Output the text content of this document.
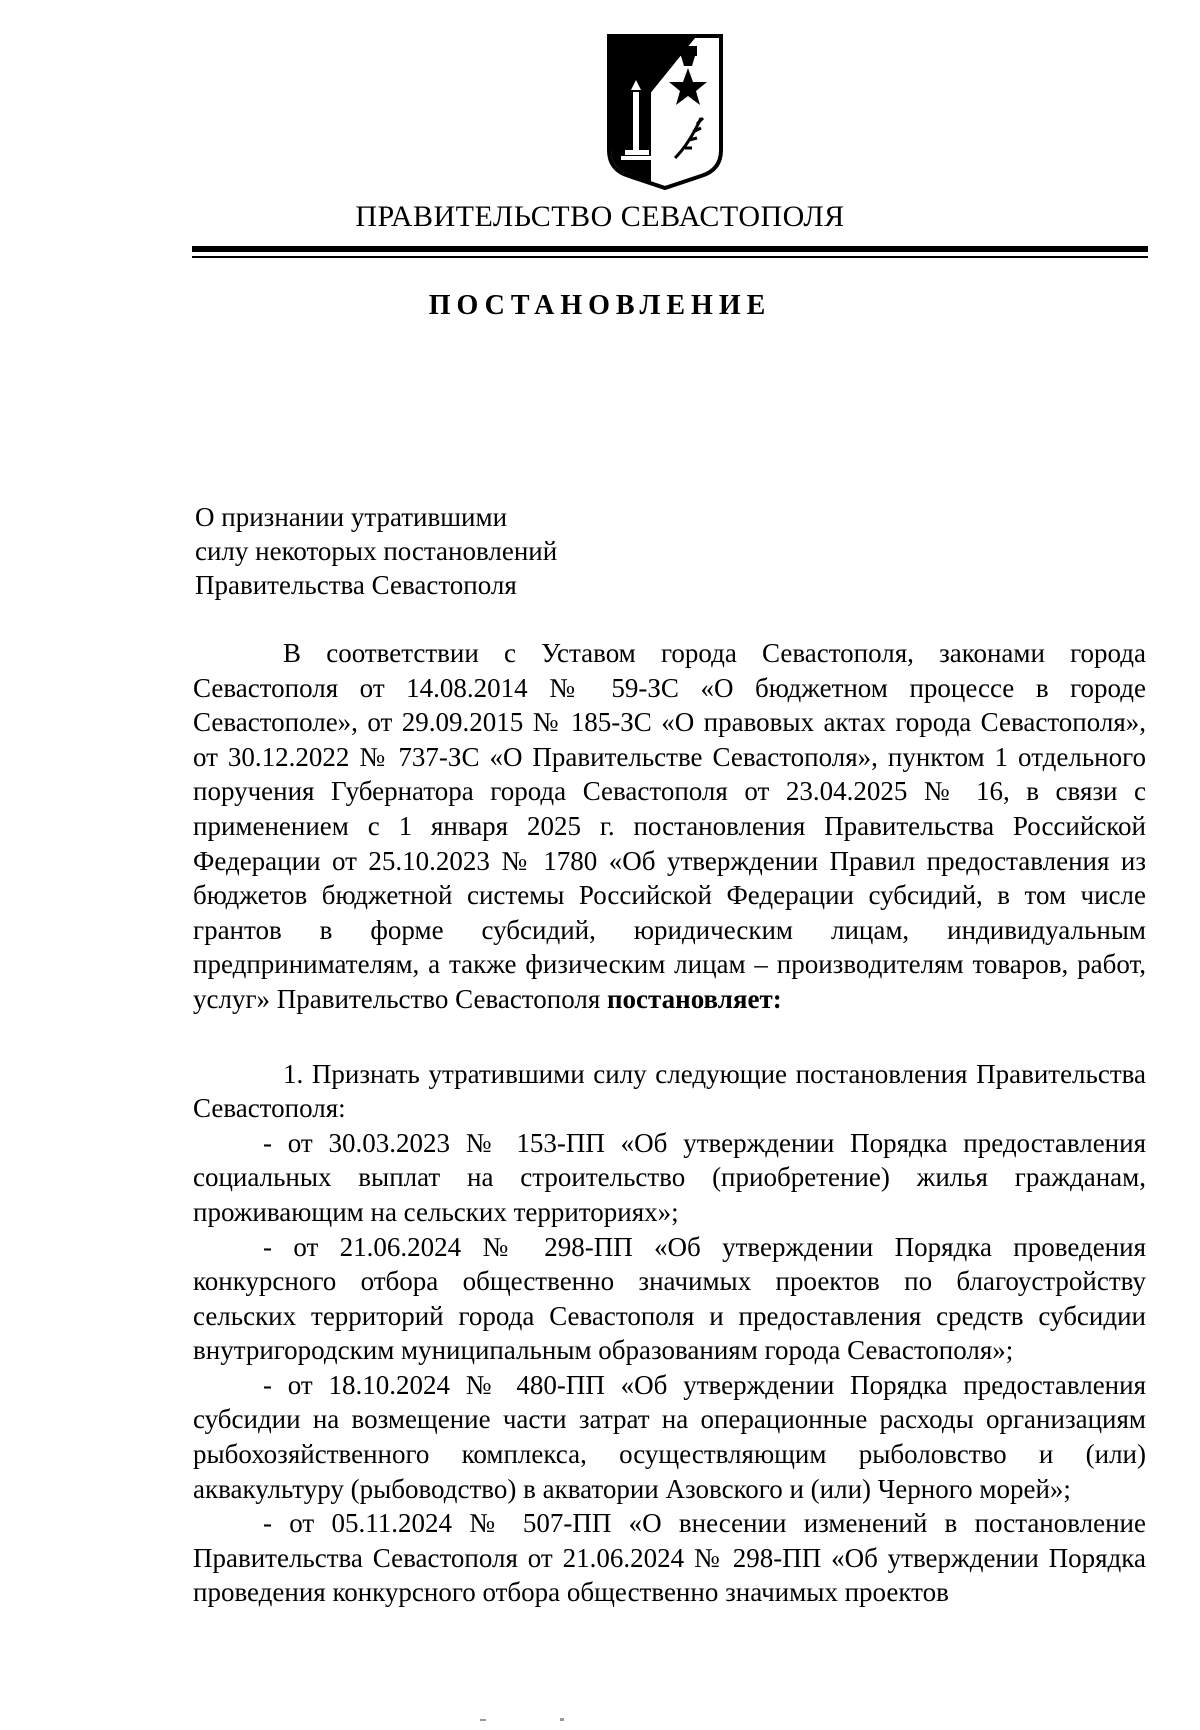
ПРАВИТЕЛЬСТВО СЕВАСТОПОЛЯ
ПОСТАНОВЛЕНИЕ
О признании утратившими
силу некоторых постановлений
Правительства Севастополя

В соответствии с Уставом города Севастополя, законами города Севастополя от 14.08.2014 № 59-ЗС «О бюджетном процессе в городе Севастополе», от 29.09.2015 № 185-ЗС «О правовых актах города Севастополя», от 30.12.2022 № 737-ЗС «О Правительстве Севастополя», пунктом 1 отдельного поручения Губернатора города Севастополя от 23.04.2025 № 16, в связи с применением с 1 января 2025 г. постановления Правительства Российской Федерации от 25.10.2023 № 1780 «Об утверждении Правил предоставления из бюджетов бюджетной системы Российской Федерации субсидий, в том числе грантов в форме субсидий, юридическим лицам, индивидуальным предпринимателям, а также физическим лицам – производителям товаров, работ, услуг» Правительство Севастополя постановляет:

1. Признать утратившими силу следующие постановления Правительства Севастополя:

- от 30.03.2023 № 153-ПП «Об утверждении Порядка предоставления социальных выплат на строительство (приобретение) жилья гражданам, проживающим на сельских территориях»;

- от 21.06.2024 № 298-ПП «Об утверждении Порядка проведения конкурсного отбора общественно значимых проектов по благоустройству сельских территорий города Севастополя и предоставления средств субсидии внутригородским муниципальным образованиям города Севастополя»;

- от 18.10.2024 № 480-ПП «Об утверждении Порядка предоставления субсидии на возмещение части затрат на операционные расходы организациям рыбохозяйственного комплекса, осуществляющим рыболовство и (или) аквакультуру (рыбоводство) в акватории Азовского и (или) Черного морей»;

- от 05.11.2024 № 507-ПП «О внесении изменений в постановление Правительства Севастополя от 21.06.2024 № 298-ПП «Об утверждении Порядка проведения конкурсного отбора общественно значимых проектов
